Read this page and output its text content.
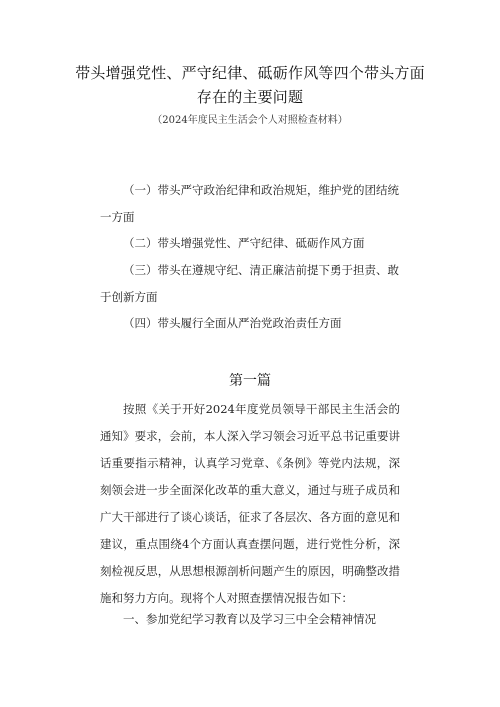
带头增强党性、严守纪律、砥砺作风等四个带头方面
存在的主要问题
（2024年度民主生活会个人对照检查材料）
（一）带头严守政治纪律和政治规矩，维护党的团结统一方面
（二）带头增强党性、严守纪律、砥砺作风方面
（三）带头在遵规守纪、清正廉洁前提下勇于担责、敢于创新方面
（四）带头履行全面从严治党政治责任方面
第一篇
按照《关于开好2024年度党员领导干部民主生活会的通知》要求，会前，本人深入学习领会习近平总书记重要讲话重要指示精神，认真学习党章、《条例》等党内法规，深刻领会进一步全面深化改革的重大意义，通过与班子成员和广大干部进行了谈心谈话，征求了各层次、各方面的意见和建议，重点围绕4个方面认真查摆问题，进行党性分析，深刻检视反思，从思想根源剖析问题产生的原因，明确整改措施和努力方向。现将个人对照查摆情况报告如下：
一、参加党纪学习教育以及学习三中全会精神情况
